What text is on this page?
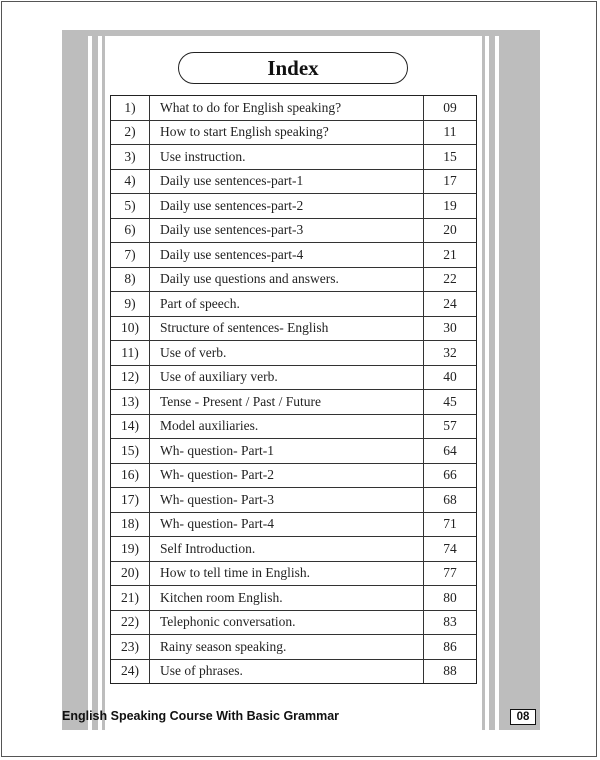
Index
1)	What to do for English speaking?	09
2)	How to start English speaking?	11
3)	Use instruction.	15
4)	Daily use sentences-part-1	17
5)	Daily use sentences-part-2	19
6)	Daily use sentences-part-3	20
7)	Daily use sentences-part-4	21
8)	Daily use questions and answers.	22
9)	Part of speech.	24
10)	Structure of sentences- English	30
11)	Use of verb.	32
12)	Use of auxiliary verb.	40
13)	Tense - Present / Past / Future	45
14)	Model auxiliaries.	57
15)	Wh- question- Part-1	64
16)	Wh- question- Part-2	66
17)	Wh- question- Part-3	68
18)	Wh- question- Part-4	71
19)	Self Introduction.	74
20)	How to tell time in English.	77
21)	Kitchen room English.	80
22)	Telephonic conversation.	83
23)	Rainy season speaking.	86
24)	Use of phrases.	88
English Speaking Course With Basic Grammar	08
